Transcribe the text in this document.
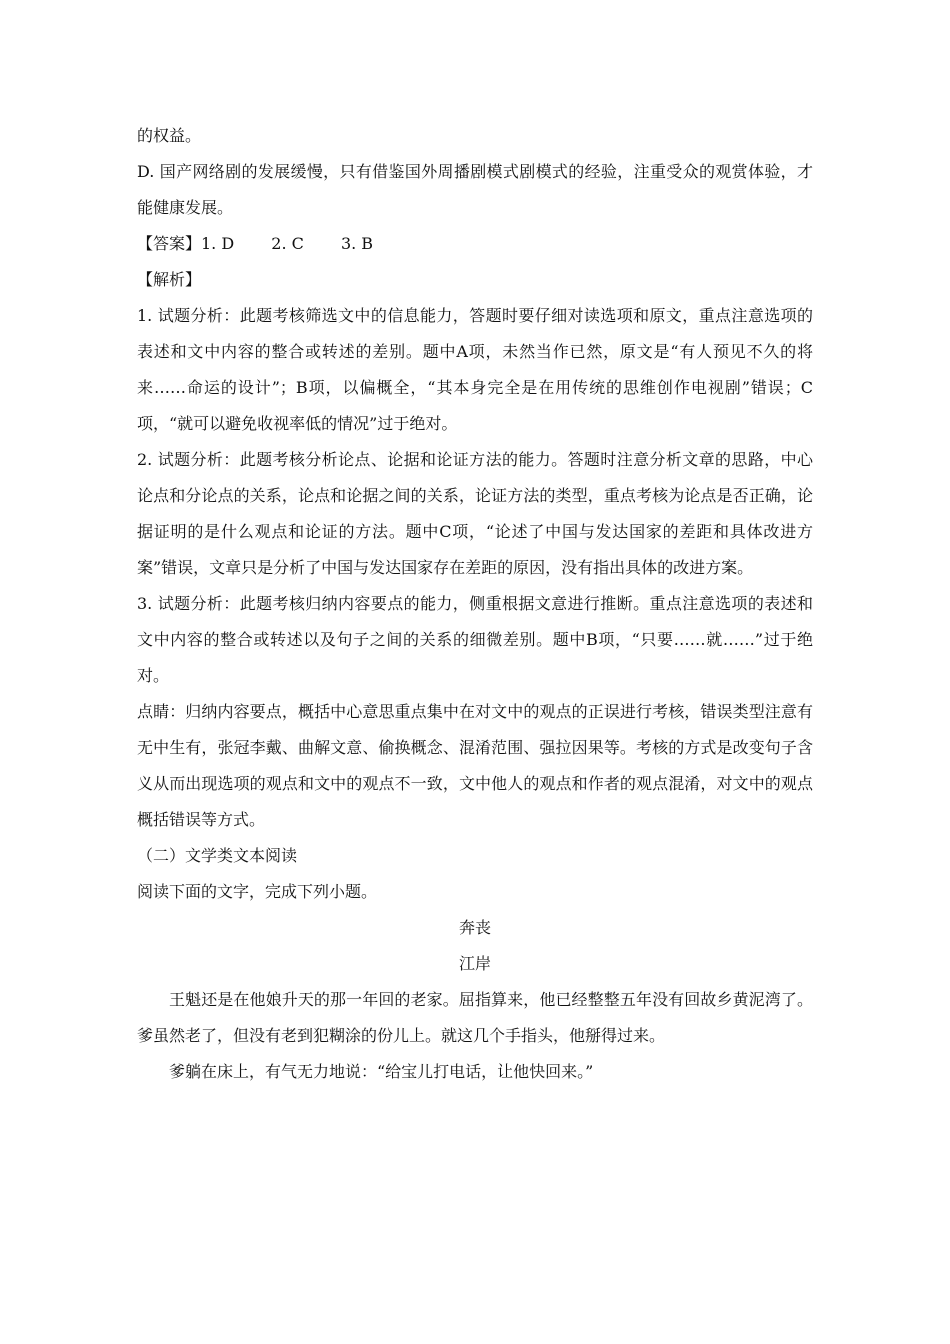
的权益。

D. 国产网络剧的发展缓慢，只有借鉴国外周播剧模式剧模式的经验，注重受众的观赏体验，才能健康发展。

【答案】1. D　 　2. C　 　3. B

【解析】

1. 试题分析：此题考核筛选文中的信息能力，答题时要仔细对读选项和原文，重点注意选项的表述和文中内容的整合或转述的差别。题中A项，未然当作已然，原文是“有人预见不久的将来……命运的设计”；B项，以偏概全，“其本身完全是在用传统的思维创作电视剧”错误；C项，“就可以避免收视率低的情况”过于绝对。

2. 试题分析：此题考核分析论点、论据和论证方法的能力。答题时注意分析文章的思路，中心论点和分论点的关系，论点和论据之间的关系，论证方法的类型，重点考核为论点是否正确，论据证明的是什么观点和论证的方法。题中C项，“论述了中国与发达国家的差距和具体改进方案”错误，文章只是分析了中国与发达国家存在差距的原因，没有指出具体的改进方案。

3. 试题分析：此题考核归纳内容要点的能力，侧重根据文意进行推断。重点注意选项的表述和文中内容的整合或转述以及句子之间的关系的细微差别。题中B项，“只要……就……”过于绝对。

点睛：归纳内容要点，概括中心意思重点集中在对文中的观点的正误进行考核，错误类型注意有无中生有，张冠李戴、曲解文意、偷换概念、混淆范围、强拉因果等。考核的方式是改变句子含义从而出现选项的观点和文中的观点不一致，文中他人的观点和作者的观点混淆，对文中的观点概括错误等方式。

（二）文学类文本阅读

阅读下面的文字，完成下列小题。

奔丧

江岸

王魁还是在他娘升天的那一年回的老家。屈指算来，他已经整整五年没有回故乡黄泥湾了。爹虽然老了，但没有老到犯糊涂的份儿上。就这几个手指头，他掰得过来。

爹躺在床上，有气无力地说：“给宝儿打电话，让他快回来。”
